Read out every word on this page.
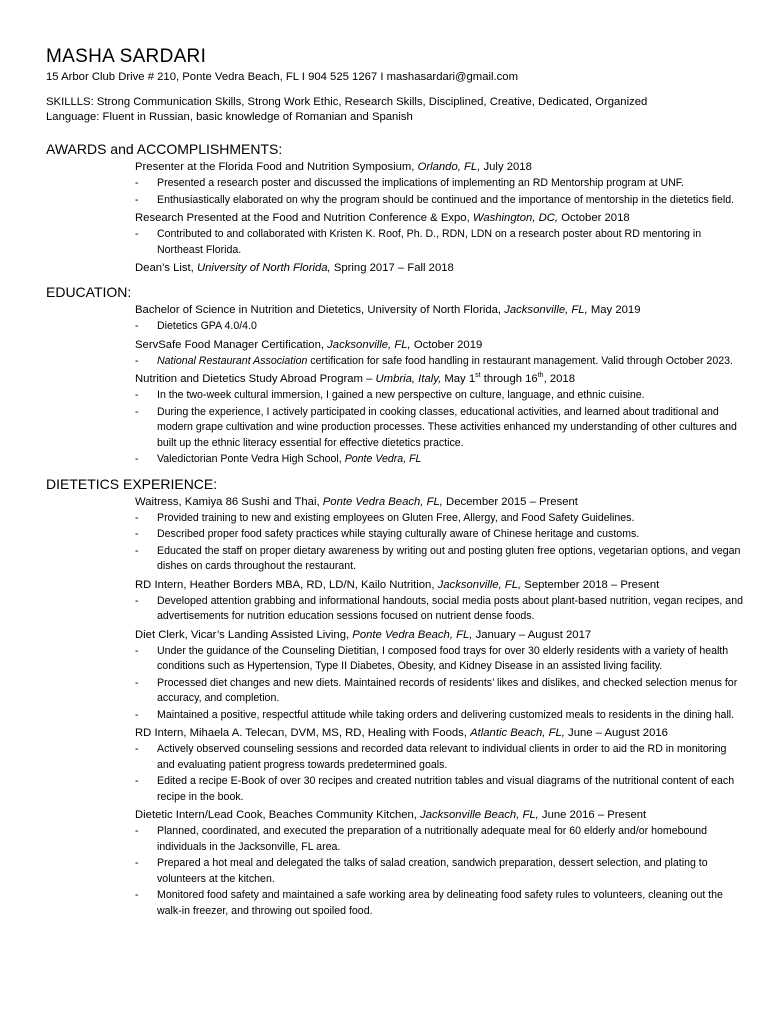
MASHA SARDARI
15 Arbor Club Drive # 210, Ponte Vedra Beach, FL I 904 525 1267 I mashasardari@gmail.com
SKILLLS: Strong Communication Skills, Strong Work Ethic, Research Skills, Disciplined, Creative, Dedicated, Organized
Language: Fluent in Russian, basic knowledge of Romanian and Spanish
AWARDS and ACCOMPLISHMENTS:
Presenter at the Florida Food and Nutrition Symposium, Orlando, FL, July 2018
- Presented a research poster and discussed the implications of implementing an RD Mentorship program at UNF.
- Enthusiastically elaborated on why the program should be continued and the importance of mentorship in the dietetics field.
Research Presented at the Food and Nutrition Conference & Expo, Washington, DC, October 2018
- Contributed to and collaborated with Kristen K. Roof, Ph. D., RDN, LDN on a research poster about RD mentoring in Northeast Florida.
Dean’s List, University of North Florida, Spring 2017 – Fall 2018
EDUCATION:
Bachelor of Science in Nutrition and Dietetics, University of North Florida, Jacksonville, FL, May 2019
- Dietetics GPA 4.0/4.0
ServSafe Food Manager Certification, Jacksonville, FL, October 2019
- National Restaurant Association certification for safe food handling in restaurant management. Valid through October 2023.
Nutrition and Dietetics Study Abroad Program – Umbria, Italy, May 1st through 16th, 2018
- In the two-week cultural immersion, I gained a new perspective on culture, language, and ethnic cuisine.
- During the experience, I actively participated in cooking classes, educational activities, and learned about traditional and modern grape cultivation and wine production processes. These activities enhanced my understanding of other cultures and built up the ethnic literacy essential for effective dietetics practice.
- Valedictorian Ponte Vedra High School, Ponte Vedra, FL
DIETETICS EXPERIENCE:
Waitress, Kamiya 86 Sushi and Thai, Ponte Vedra Beach, FL, December 2015 – Present
- Provided training to new and existing employees on Gluten Free, Allergy, and Food Safety Guidelines.
- Described proper food safety practices while staying culturally aware of Chinese heritage and customs.
- Educated the staff on proper dietary awareness by writing out and posting gluten free options, vegetarian options, and vegan dishes on cards throughout the restaurant.
RD Intern, Heather Borders MBA, RD, LD/N, Kailo Nutrition, Jacksonville, FL, September 2018 – Present
- Developed attention grabbing and informational handouts, social media posts about plant-based nutrition, vegan recipes, and advertisements for nutrition education sessions focused on nutrient dense foods.
Diet Clerk, Vicar’s Landing Assisted Living, Ponte Vedra Beach, FL, January – August 2017
- Under the guidance of the Counseling Dietitian, I composed food trays for over 30 elderly residents with a variety of health conditions such as Hypertension, Type II Diabetes, Obesity, and Kidney Disease in an assisted living facility.
- Processed diet changes and new diets. Maintained records of residents’ likes and dislikes, and checked selection menus for accuracy, and completion.
- Maintained a positive, respectful attitude while taking orders and delivering customized meals to residents in the dining hall.
RD Intern, Mihaela A. Telecan, DVM, MS, RD, Healing with Foods, Atlantic Beach, FL, June – August 2016
- Actively observed counseling sessions and recorded data relevant to individual clients in order to aid the RD in monitoring and evaluating patient progress towards predetermined goals.
- Edited a recipe E-Book of over 30 recipes and created nutrition tables and visual diagrams of the nutritional content of each recipe in the book.
Dietetic Intern/Lead Cook, Beaches Community Kitchen, Jacksonville Beach, FL, June 2016 – Present
- Planned, coordinated, and executed the preparation of a nutritionally adequate meal for 60 elderly and/or homebound individuals in the Jacksonville, FL area.
- Prepared a hot meal and delegated the talks of salad creation, sandwich preparation, dessert selection, and plating to volunteers at the kitchen.
- Monitored food safety and maintained a safe working area by delineating food safety rules to volunteers, cleaning out the walk-in freezer, and throwing out spoiled food.
